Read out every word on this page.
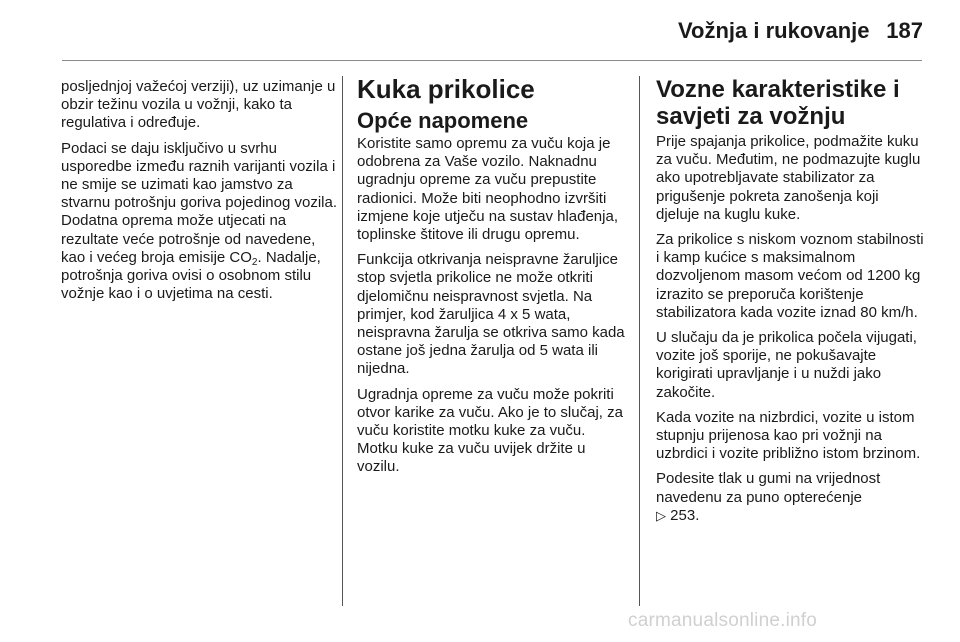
Vožnja i rukovanje 187

posljednjoj važećoj verziji), uz uzimanje u obzir težinu vozila u vožnji, kako ta regulativa i određuje.

Podaci se daju isključivo u svrhu usporedbe između raznih varijanti vozila i ne smije se uzimati kao jamstvo za stvarnu potrošnju goriva pojedinog vozila. Dodatna oprema može utjecati na rezultate veće potrošnje od navedene, kao i većeg broja emisije $CO_2$. Nadalje, potrošnja goriva ovisi o osobnom stilu vožnje kao i o uvjetima na cesti.

Kuka prikolice
Opće napomene

Koristite samo opremu za vuču koja je odobrena za Vaše vozilo. Naknadnu ugradnju opreme za vuču prepustite radionici. Može biti neophodno izvršiti izmjene koje utječu na sustav hlađenja, toplinske štitove ili drugu opremu.

Funkcija otkrivanja neispravne žaruljice stop svjetla prikolice ne može otkriti djelomičnu neispravnost svjetla. Na primjer, kod žaruljica 4 x 5 wata, neispravna žarulja se otkriva samo kada ostane još jedna žarulja od 5 wata ili nijedna.

Ugradnja opreme za vuču može pokriti otvor karike za vuču. Ako je to slučaj, za vuču koristite motku kuke za vuču. Motku kuke za vuču uvijek držite u vozilu.

Vozne karakteristike i savjeti za vožnju

Prije spajanja prikolice, podmažite kuku za vuču. Međutim, ne podmazujte kuglu ako upotrebljavate stabilizator za prigušenje pokreta zanošenja koji djeluje na kuglu kuke.

Za prikolice s niskom voznom stabilnosti i kamp kućice s maksimalnom dozvoljenom masom većom od 1200 kg izrazito se preporuča korištenje stabilizatora kada vozite iznad 80 km/h.

U slučaju da je prikolica počela vijugati, vozite još sporije, ne pokušavajte korigirati upravljanje i u nuždi jako zakočite.

Kada vozite na nizbrdici, vozite u istom stupnju prijenosa kao pri vožnji na uzbrdici i vozite približno istom brzinom.

Podesite tlak u gumi na vrijednost navedenu za puno opterećenje
▷ 253.

carmanualsonline.info
